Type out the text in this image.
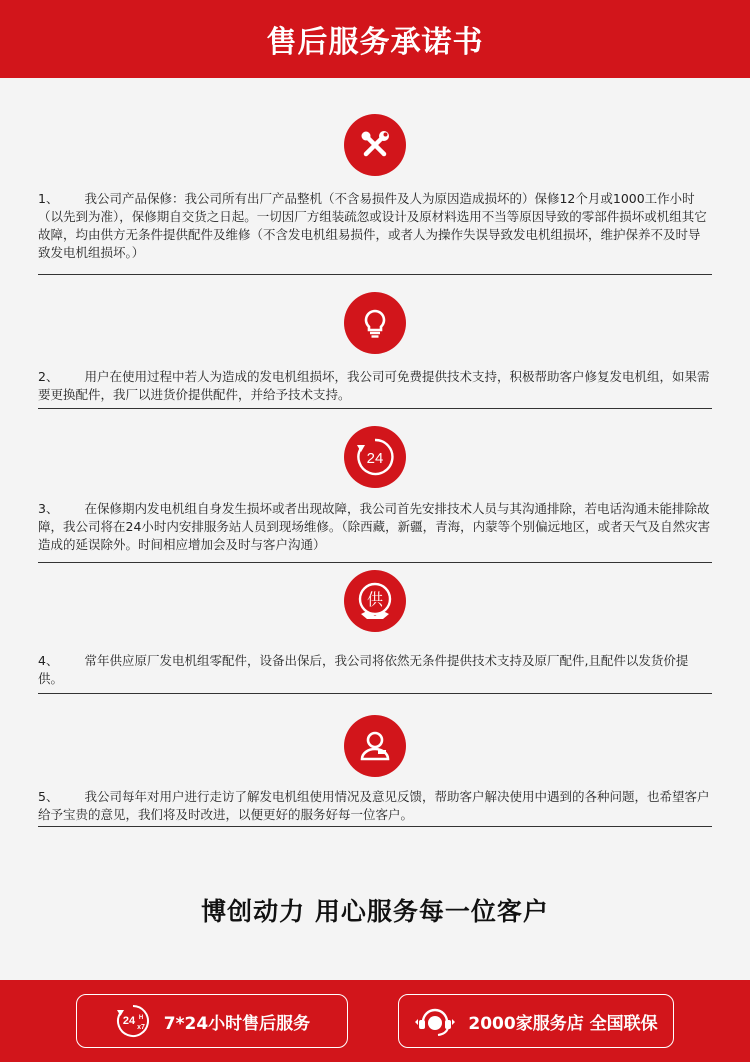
售后服务承诺书
1、 我公司产品保修：我公司所有出厂产品整机（不含易损件及人为原因造成损坏的）保修12个月或1000工作小时（以先到为准），保修期自交货之日起。一切因厂方组装疏忽或设计及原材料选用不当等原因导致的零部件损坏或机组其它故障，均由供方无条件提供配件及维修（不含发电机组易损件，或者人为操作失误导致发电机组损坏，维护保养不及时导致发电机组损坏。）
2、 用户在使用过程中若人为造成的发电机组损坏，我公司可免费提供技术支持，积极帮助客户修复发电机组，如果需要更换配件，我厂以进货价提供配件，并给予技术支持。
24
3、 在保修期内发电机组自身发生损坏或者出现故障，我公司首先安排技术人员与其沟通排除，若电话沟通未能排除故障，我公司将在24小时内安排服务站人员到现场维修。（除西藏，新疆，青海，内蒙等个别偏远地区，或者天气及自然灾害造成的延误除外。时间相应增加会及时与客户沟通）
供
4、 常年供应原厂发电机组零配件，设备出保后，我公司将依然无条件提供技术支持及原厂配件,且配件以发货价提供。
5、 我公司每年对用户进行走访了解发电机组使用情况及意见反馈，帮助客户解决使用中遇到的各种问题，也希望客户给予宝贵的意见，我们将及时改进，以便更好的服务好每一位客户。
博创动力 用心服务每一位客户
24 H
x7 7*24小时售后服务	2000家服务店 全国联保
